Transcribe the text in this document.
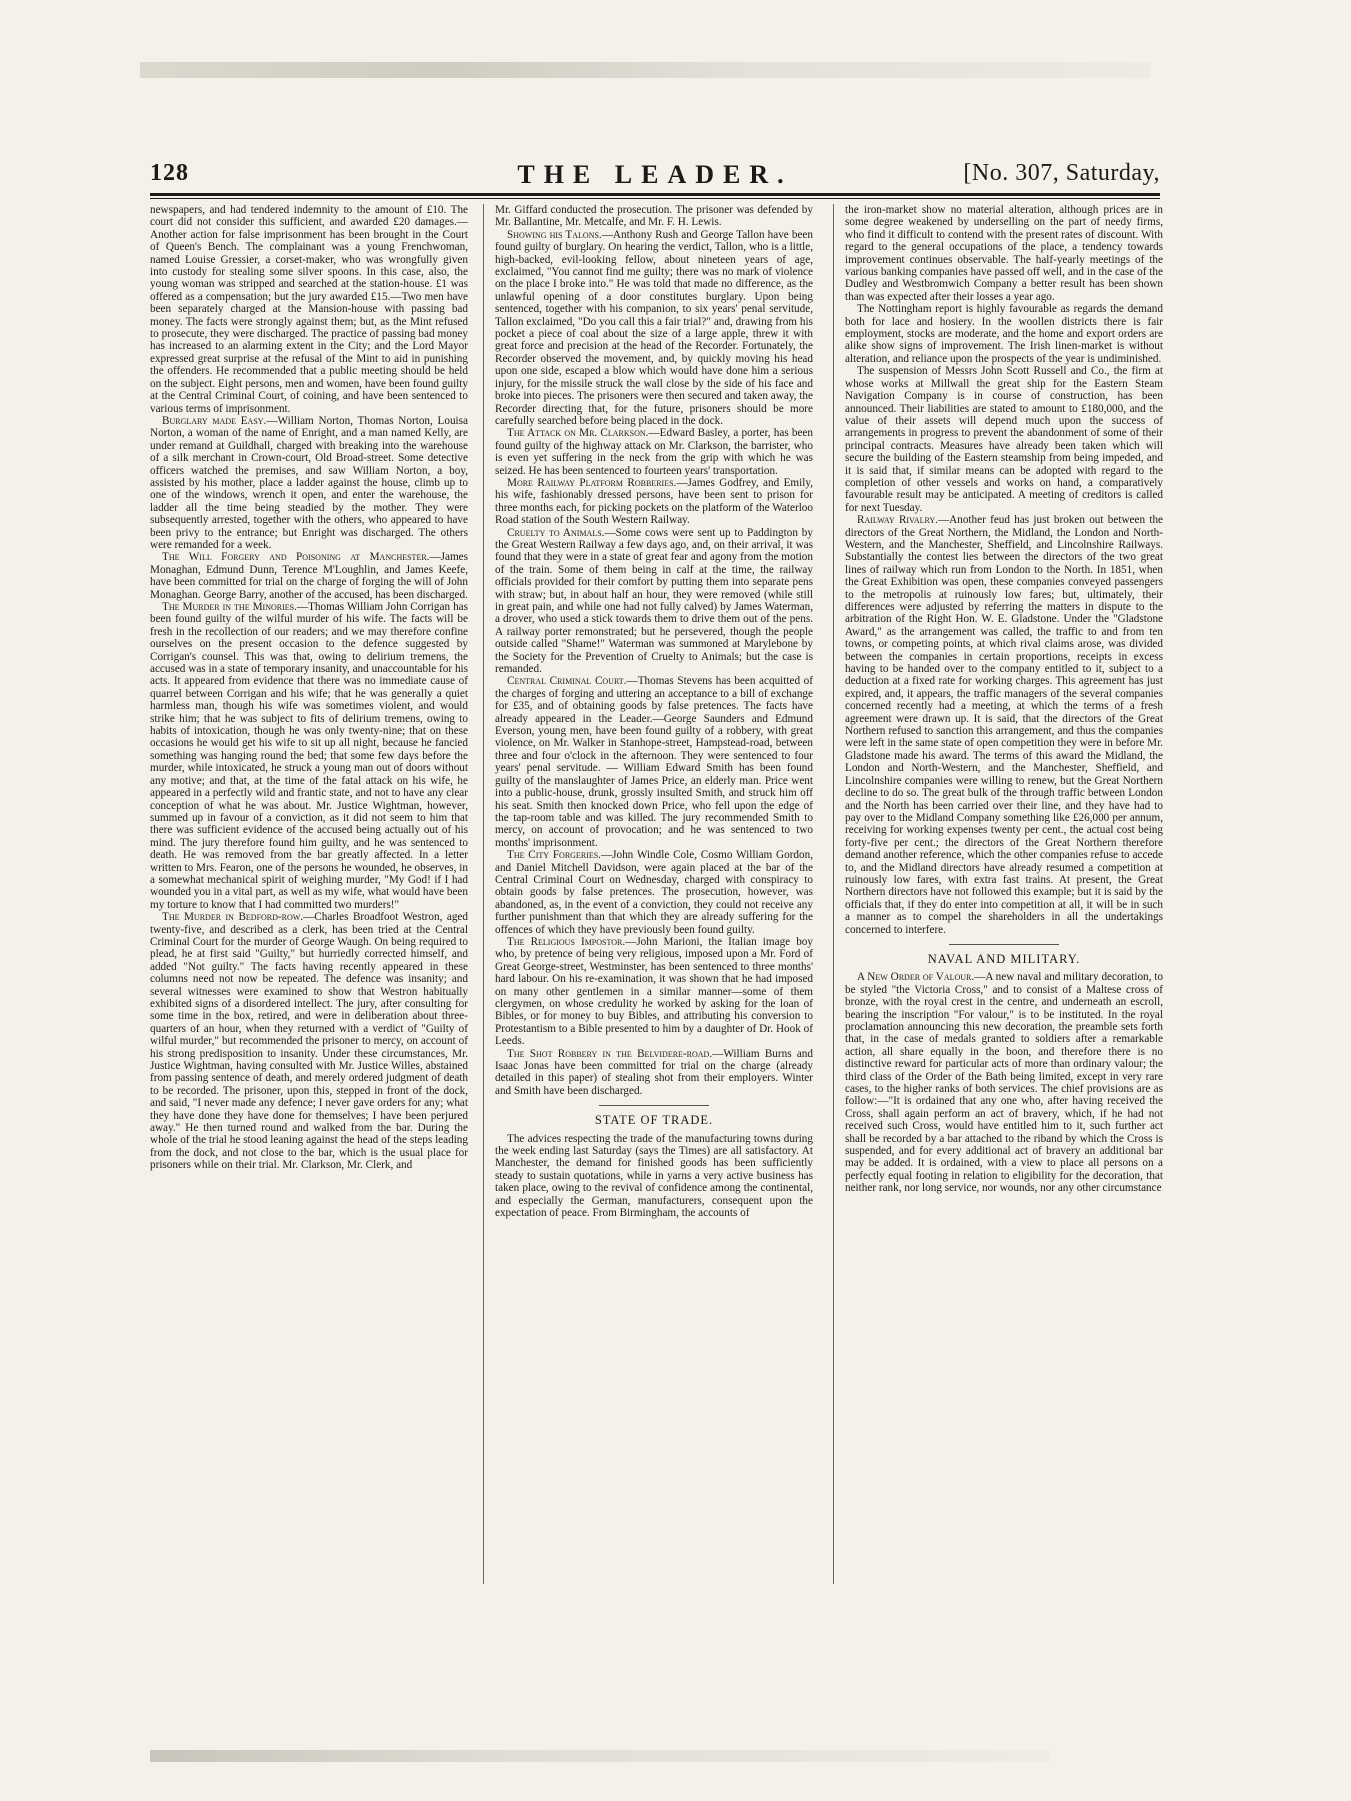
128	THE LEADER.	[No. 307, Saturday,

newspapers, and had tendered indemnity to the amount of £10. The court did not consider this sufficient, and awarded £20 damages.—Another action for false imprisonment has been brought in the Court of Queen's Bench. The complainant was a young Frenchwoman, named Louise Gressier, a corset-maker, who was wrongfully given into custody for stealing some silver spoons. In this case, also, the young woman was stripped and searched at the station-house. £1 was offered as a compensation; but the jury awarded £15.—Two men have been separately charged at the Mansion-house with passing bad money. The facts were strongly against them; but, as the Mint refused to prosecute, they were discharged. The practice of passing bad money has increased to an alarming extent in the City; and the Lord Mayor expressed great surprise at the refusal of the Mint to aid in punishing the offenders. He recommended that a public meeting should be held on the subject. Eight persons, men and women, have been found guilty at the Central Criminal Court, of coining, and have been sentenced to various terms of imprisonment.

Burglary made Easy.—William Norton, Thomas Norton, Louisa Norton, a woman of the name of Enright, and a man named Kelly, are under remand at Guildhall, charged with breaking into the warehouse of a silk merchant in Crown-court, Old Broad-street. Some detective officers watched the premises, and saw William Norton, a boy, assisted by his mother, place a ladder against the house, climb up to one of the windows, wrench it open, and enter the warehouse, the ladder all the time being steadied by the mother. They were subsequently arrested, together with the others, who appeared to have been privy to the entrance; but Enright was discharged. The others were remanded for a week.

The Will Forgery and Poisoning at Manchester.—James Monaghan, Edmund Dunn, Terence M'Loughlin, and James Keefe, have been committed for trial on the charge of forging the will of John Monaghan. George Barry, another of the accused, has been discharged.

The Murder in the Minories.—Thomas William John Corrigan has been found guilty of the wilful murder of his wife. The facts will be fresh in the recollection of our readers; and we may therefore confine ourselves on the present occasion to the defence suggested by Corrigan's counsel. This was that, owing to delirium tremens, the accused was in a state of temporary insanity, and unaccountable for his acts. It appeared from evidence that there was no immediate cause of quarrel between Corrigan and his wife; that he was generally a quiet harmless man, though his wife was sometimes violent, and would strike him; that he was subject to fits of delirium tremens, owing to habits of intoxication, though he was only twenty-nine; that on these occasions he would get his wife to sit up all night, because he fancied something was hanging round the bed; that some few days before the murder, while intoxicated, he struck a young man out of doors without any motive; and that, at the time of the fatal attack on his wife, he appeared in a perfectly wild and frantic state, and not to have any clear conception of what he was about. Mr. Justice Wightman, however, summed up in favour of a conviction, as it did not seem to him that there was sufficient evidence of the accused being actually out of his mind. The jury therefore found him guilty, and he was sentenced to death. He was removed from the bar greatly affected. In a letter written to Mrs. Fearon, one of the persons he wounded, he observes, in a somewhat mechanical spirit of weighing murder, "My God! if I had wounded you in a vital part, as well as my wife, what would have been my torture to know that I had committed two murders!"

The Murder in Bedford-row.—Charles Broadfoot Westron, aged twenty-five, and described as a clerk, has been tried at the Central Criminal Court for the murder of George Waugh. On being required to plead, he at first said "Guilty," but hurriedly corrected himself, and added "Not guilty." The facts having recently appeared in these columns need not now be repeated. The defence was insanity; and several witnesses were examined to show that Westron habitually exhibited signs of a disordered intellect. The jury, after consulting for some time in the box, retired, and were in deliberation about three-quarters of an hour, when they returned with a verdict of "Guilty of wilful murder," but recommended the prisoner to mercy, on account of his strong predisposition to insanity. Under these circumstances, Mr. Justice Wightman, having consulted with Mr. Justice Willes, abstained from passing sentence of death, and merely ordered judgment of death to be recorded. The prisoner, upon this, stepped in front of the dock, and said, "I never made any defence; I never gave orders for any; what they have done they have done for themselves; I have been perjured away." He then turned round and walked from the bar. During the whole of the trial he stood leaning against the head of the steps leading from the dock, and not close to the bar, which is the usual place for prisoners while on their trial. Mr. Clarkson, Mr. Clerk, and

Mr. Giffard conducted the prosecution. The prisoner was defended by Mr. Ballantine, Mr. Metcalfe, and Mr. F. H. Lewis.

Showing his Talons.—Anthony Rush and George Tallon have been found guilty of burglary. On hearing the verdict, Tallon, who is a little, high-backed, evil-looking fellow, about nineteen years of age, exclaimed, "You cannot find me guilty; there was no mark of violence on the place I broke into." He was told that made no difference, as the unlawful opening of a door constitutes burglary. Upon being sentenced, together with his companion, to six years' penal servitude, Tallon exclaimed, "Do you call this a fair trial?" and, drawing from his pocket a piece of coal about the size of a large apple, threw it with great force and precision at the head of the Recorder. Fortunately, the Recorder observed the movement, and, by quickly moving his head upon one side, escaped a blow which would have done him a serious injury, for the missile struck the wall close by the side of his face and broke into pieces. The prisoners were then secured and taken away, the Recorder directing that, for the future, prisoners should be more carefully searched before being placed in the dock.

The Attack on Mr. Clarkson.—Edward Basley, a porter, has been found guilty of the highway attack on Mr. Clarkson, the barrister, who is even yet suffering in the neck from the grip with which he was seized. He has been sentenced to fourteen years' transportation.

More Railway Platform Robberies.—James Godfrey, and Emily, his wife, fashionably dressed persons, have been sent to prison for three months each, for picking pockets on the platform of the Waterloo Road station of the South Western Railway.

Cruelty to Animals.—Some cows were sent up to Paddington by the Great Western Railway a few days ago, and, on their arrival, it was found that they were in a state of great fear and agony from the motion of the train. Some of them being in calf at the time, the railway officials provided for their comfort by putting them into separate pens with straw; but, in about half an hour, they were removed (while still in great pain, and while one had not fully calved) by James Waterman, a drover, who used a stick towards them to drive them out of the pens. A railway porter remonstrated; but he persevered, though the people outside called "Shame!" Waterman was summoned at Marylebone by the Society for the Prevention of Cruelty to Animals; but the case is remanded.

Central Criminal Court.—Thomas Stevens has been acquitted of the charges of forging and uttering an acceptance to a bill of exchange for £35, and of obtaining goods by false pretences. The facts have already appeared in the Leader.—George Saunders and Edmund Everson, young men, have been found guilty of a robbery, with great violence, on Mr. Walker in Stanhope-street, Hampstead-road, between three and four o'clock in the afternoon. They were sentenced to four years' penal servitude. — William Edward Smith has been found guilty of the manslaughter of James Price, an elderly man. Price went into a public-house, drunk, grossly insulted Smith, and struck him off his seat. Smith then knocked down Price, who fell upon the edge of the tap-room table and was killed. The jury recommended Smith to mercy, on account of provocation; and he was sentenced to two months' imprisonment.

The City Forgeries.—John Windle Cole, Cosmo William Gordon, and Daniel Mitchell Davidson, were again placed at the bar of the Central Criminal Court on Wednesday, charged with conspiracy to obtain goods by false pretences. The prosecution, however, was abandoned, as, in the event of a conviction, they could not receive any further punishment than that which they are already suffering for the offences of which they have previously been found guilty.

The Religious Impostor.—John Marioni, the Italian image boy who, by pretence of being very religious, imposed upon a Mr. Ford of Great George-street, Westminster, has been sentenced to three months' hard labour. On his re-examination, it was shown that he had imposed on many other gentlemen in a similar manner—some of them clergymen, on whose credulity he worked by asking for the loan of Bibles, or for money to buy Bibles, and attributing his conversion to Protestantism to a Bible presented to him by a daughter of Dr. Hook of Leeds.

The Shot Robbery in the Belvidere-road.—William Burns and Isaac Jonas have been committed for trial on the charge (already detailed in this paper) of stealing shot from their employers. Winter and Smith have been discharged.

STATE OF TRADE.

The advices respecting the trade of the manufacturing towns during the week ending last Saturday (says the Times) are all satisfactory. At Manchester, the demand for finished goods has been sufficiently steady to sustain quotations, while in yarns a very active business has taken place, owing to the revival of confidence among the continental, and especially the German, manufacturers, consequent upon the expectation of peace. From Birmingham, the accounts of

the iron-market show no material alteration, although prices are in some degree weakened by underselling on the part of needy firms, who find it difficult to contend with the present rates of discount. With regard to the general occupations of the place, a tendency towards improvement continues observable. The half-yearly meetings of the various banking companies have passed off well, and in the case of the Dudley and Westbromwich Company a better result has been shown than was expected after their losses a year ago.

The Nottingham report is highly favourable as regards the demand both for lace and hosiery. In the woollen districts there is fair employment, stocks are moderate, and the home and export orders are alike show signs of improvement. The Irish linen-market is without alteration, and reliance upon the prospects of the year is undiminished.

The suspension of Messrs John Scott Russell and Co., the firm at whose works at Millwall the great ship for the Eastern Steam Navigation Company is in course of construction, has been announced. Their liabilities are stated to amount to £180,000, and the value of their assets will depend much upon the success of arrangements in progress to prevent the abandonment of some of their principal contracts. Measures have already been taken which will secure the building of the Eastern steamship from being impeded, and it is said that, if similar means can be adopted with regard to the completion of other vessels and works on hand, a comparatively favourable result may be anticipated. A meeting of creditors is called for next Tuesday.

Railway Rivalry.—Another feud has just broken out between the directors of the Great Northern, the Midland, the London and North-Western, and the Manchester, Sheffield, and Lincolnshire Railways. Substantially the contest lies between the directors of the two great lines of railway which run from London to the North. In 1851, when the Great Exhibition was open, these companies conveyed passengers to the metropolis at ruinously low fares; but, ultimately, their differences were adjusted by referring the matters in dispute to the arbitration of the Right Hon. W. E. Gladstone. Under the "Gladstone Award," as the arrangement was called, the traffic to and from ten towns, or competing points, at which rival claims arose, was divided between the companies in certain proportions, receipts in excess having to be handed over to the company entitled to it, subject to a deduction at a fixed rate for working charges. This agreement has just expired, and, it appears, the traffic managers of the several companies concerned recently had a meeting, at which the terms of a fresh agreement were drawn up. It is said, that the directors of the Great Northern refused to sanction this arrangement, and thus the companies were left in the same state of open competition they were in before Mr. Gladstone made his award. The terms of this award the Midland, the London and North-Western, and the Manchester, Sheffield, and Lincolnshire companies were willing to renew, but the Great Northern decline to do so. The great bulk of the through traffic between London and the North has been carried over their line, and they have had to pay over to the Midland Company something like £26,000 per annum, receiving for working expenses twenty per cent., the actual cost being forty-five per cent.; the directors of the Great Northern therefore demand another reference, which the other companies refuse to accede to, and the Midland directors have already resumed a competition at ruinously low fares, with extra fast trains. At present, the Great Northern directors have not followed this example; but it is said by the officials that, if they do enter into competition at all, it will be in such a manner as to compel the shareholders in all the undertakings concerned to interfere.

NAVAL AND MILITARY.

A New Order of Valour.—A new naval and military decoration, to be styled "the Victoria Cross," and to consist of a Maltese cross of bronze, with the royal crest in the centre, and underneath an escroll, bearing the inscription "For valour," is to be instituted. In the royal proclamation announcing this new decoration, the preamble sets forth that, in the case of medals granted to soldiers after a remarkable action, all share equally in the boon, and therefore there is no distinctive reward for particular acts of more than ordinary valour; the third class of the Order of the Bath being limited, except in very rare cases, to the higher ranks of both services. The chief provisions are as follow:—"It is ordained that any one who, after having received the Cross, shall again perform an act of bravery, which, if he had not received such Cross, would have entitled him to it, such further act shall be recorded by a bar attached to the riband by which the Cross is suspended, and for every additional act of bravery an additional bar may be added. It is ordained, with a view to place all persons on a perfectly equal footing in relation to eligibility for the decoration, that neither rank, nor long service, nor wounds, nor any other circumstance
